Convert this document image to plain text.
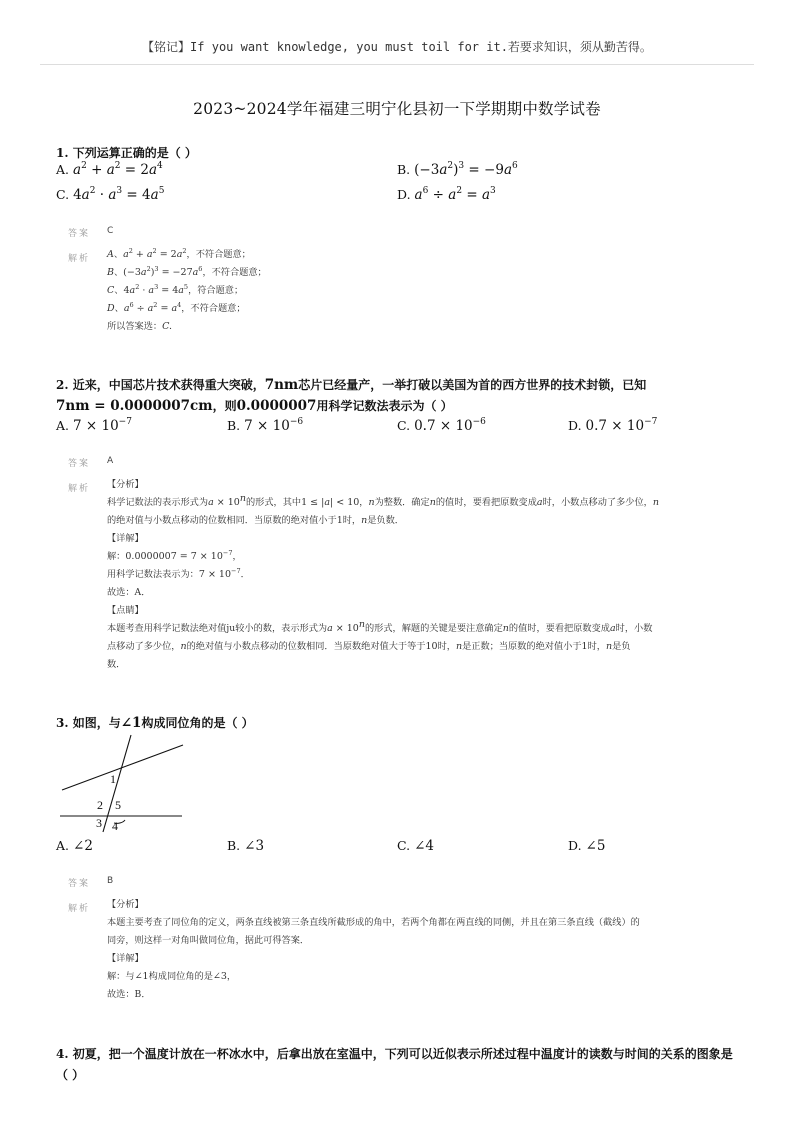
【铭记】If you want knowledge, you must toil for it.若要求知识，须从勤苦得。
2023~2024学年福建三明宁化县初一下学期期中数学试卷
1. 下列运算正确的是（ ）
A. $a^2 + a^2 = 2a^4$	B. $(-3a^2)^3 = -9a^6$
C. $4a^2 \cdot a^3 = 4a^5$	D. $a^6 \div a^2 = a^3$
答案 C
解析 A、$a^2 + a^2 = 2a^2$，不符合题意；
B、$(-3a^2)^3 = -27a^6$，不符合题意；
C、$4a^2 \cdot a^3 = 4a^5$，符合题意；
D、$a^6 \div a^2 = a^4$，不符合题意；
所以答案选：C.
2. 近来，中国芯片技术获得重大突破，7nm芯片已经量产，一举打破以美国为首的西方世界的技术封锁，已知
7nm = 0.0000007cm，则0.0000007用科学记数法表示为（ ）
A. $7 \times 10^{-7}$	B. $7 \times 10^{-6}$	C. $0.7 \times 10^{-6}$	D. $0.7 \times 10^{-7}$
答案 A
解析 【分析】
科学记数法的表示形式为$a \times 10^n$的形式，其中1 ≤ |a| < 10，n为整数．确定n的值时，要看把原数变成a时，小数点移动了多少位，n
的绝对值与小数点移动的位数相同．当原数的绝对值小于1时，n是负数．
【详解】
解：$0.0000007 = 7 \times 10^{-7}$，
用科学记数法表示为：$7 \times 10^{-7}$．
故选：A．
【点睛】
本题考查用科学记数法绝对值ju较小的数，表示形式为$a \times 10^n$的形式，解题的关键是要注意确定n的值时，要看把原数变成a时，小数
点移动了多少位，n的绝对值与小数点移动的位数相同．当原数绝对值大于等于10时，n是正数；当原数的绝对值小于1时，n是负
数．
3. 如图，与∠1构成同位角的是（ ）
1
2 5
3 4
A. ∠2	B. ∠3	C. ∠4	D. ∠5
答案 B
解析 【分析】
本题主要考查了同位角的定义，两条直线被第三条直线所截形成的角中，若两个角都在两直线的同侧，并且在第三条直线（截线）的
同旁，则这样一对角叫做同位角，据此可得答案．
【详解】
解：与∠1构成同位角的是∠3，
故选：B．
4. 初夏，把一个温度计放在一杯冰水中，后拿出放在室温中，下列可以近似表示所述过程中温度计的读数与时间的关系的图象是
（ ）
